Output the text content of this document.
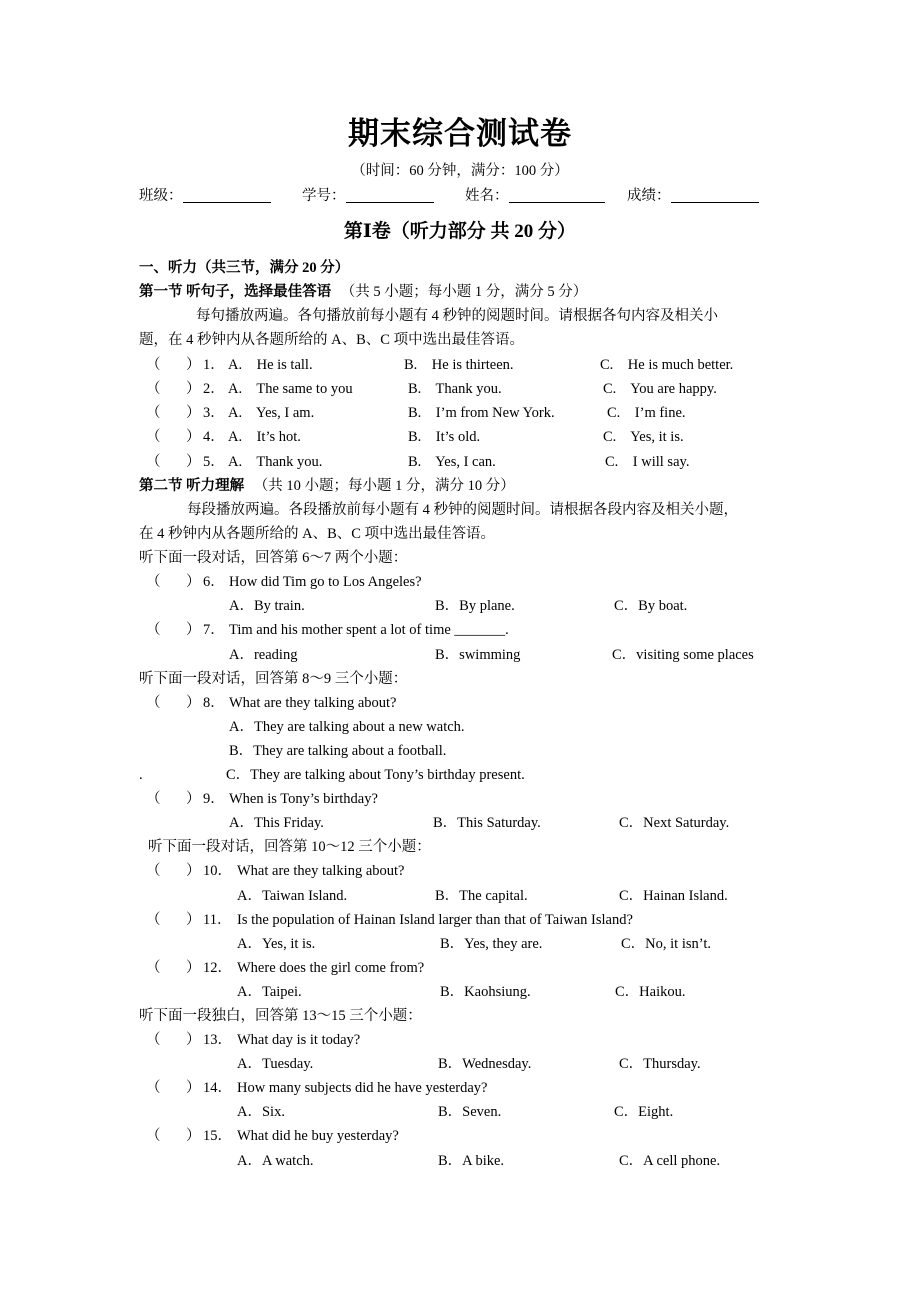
期末综合测试卷
（时间：60 分钟，满分：100 分）
班级：	学号：	姓名：	成绩：
第Ⅰ卷（听力部分 共 20 分）
一、听力（共三节，满分 20 分）
第一节 听句子，选择最佳答语 （共 5 小题；每小题 1 分，满分 5 分）
每句播放两遍。各句播放前每小题有 4 秒钟的阅题时间。请根据各句内容及相关小
题，在 4 秒钟内从各题所给的 A、B、C 项中选出最佳答语。
（ ） 1． A.    He is tall.	B.    He is thirteen.	C.    He is much better.
（ ） 2． A.    The same to you	B.    Thank you.	C.    You are happy.
（ ） 3． A.    Yes, I am.	B.    I’m from New York.	C.    I’m fine.
（ ） 4． A.    It’s hot.	B.    It’s old.	C.    Yes, it is.
（ ） 5． A.    Thank you.	B.    Yes, I can.	C.    I will say.
第二节 听力理解 （共 10 小题；每小题 1 分，满分 10 分）
每段播放两遍。各段播放前每小题有 4 秒钟的阅题时间。请根据各段内容及相关小题，
在 4 秒钟内从各题所给的 A、B、C 项中选出最佳答语。
听下面一段对话，回答第 6～7 两个小题：
（ ） 6． How did Tim go to Los Angeles?
A．By train.	B．By plane.	C．By boat.
（ ） 7． Tim and his mother spent a lot of time _______.
A．reading	B．swimming	C．visiting some places
听下面一段对话，回答第 8～9 三个小题：
（ ） 8． What are they talking about?
A．They are talking about a new watch.
B．They are talking about a football.
.	C．They are talking about Tony’s birthday present.
（ ） 9． When is Tony’s birthday?
A．This Friday.	B．This Saturday.	C．Next Saturday.
听下面一段对话，回答第 10～12 三个小题：
（ ） 10． What are they talking about?
A．Taiwan Island.	B．The capital.	C．Hainan Island.
（ ） 11． Is the population of Hainan Island larger than that of Taiwan Island?
A．Yes, it is.	B．Yes, they are.	C．No, it isn’t.
（ ） 12． Where does the girl come from?
A．Taipei.	B．Kaohsiung.	C．Haikou.
听下面一段独白，回答第 13～15 三个小题：
（ ） 13． What day is it today?
A．Tuesday.	B．Wednesday.	C．Thursday.
（ ） 14． How many subjects did he have yesterday?
A．Six.	B．Seven.	C．Eight.
（ ） 15． What did he buy yesterday?
A．A watch.	B．A bike.	C．A cell phone.
